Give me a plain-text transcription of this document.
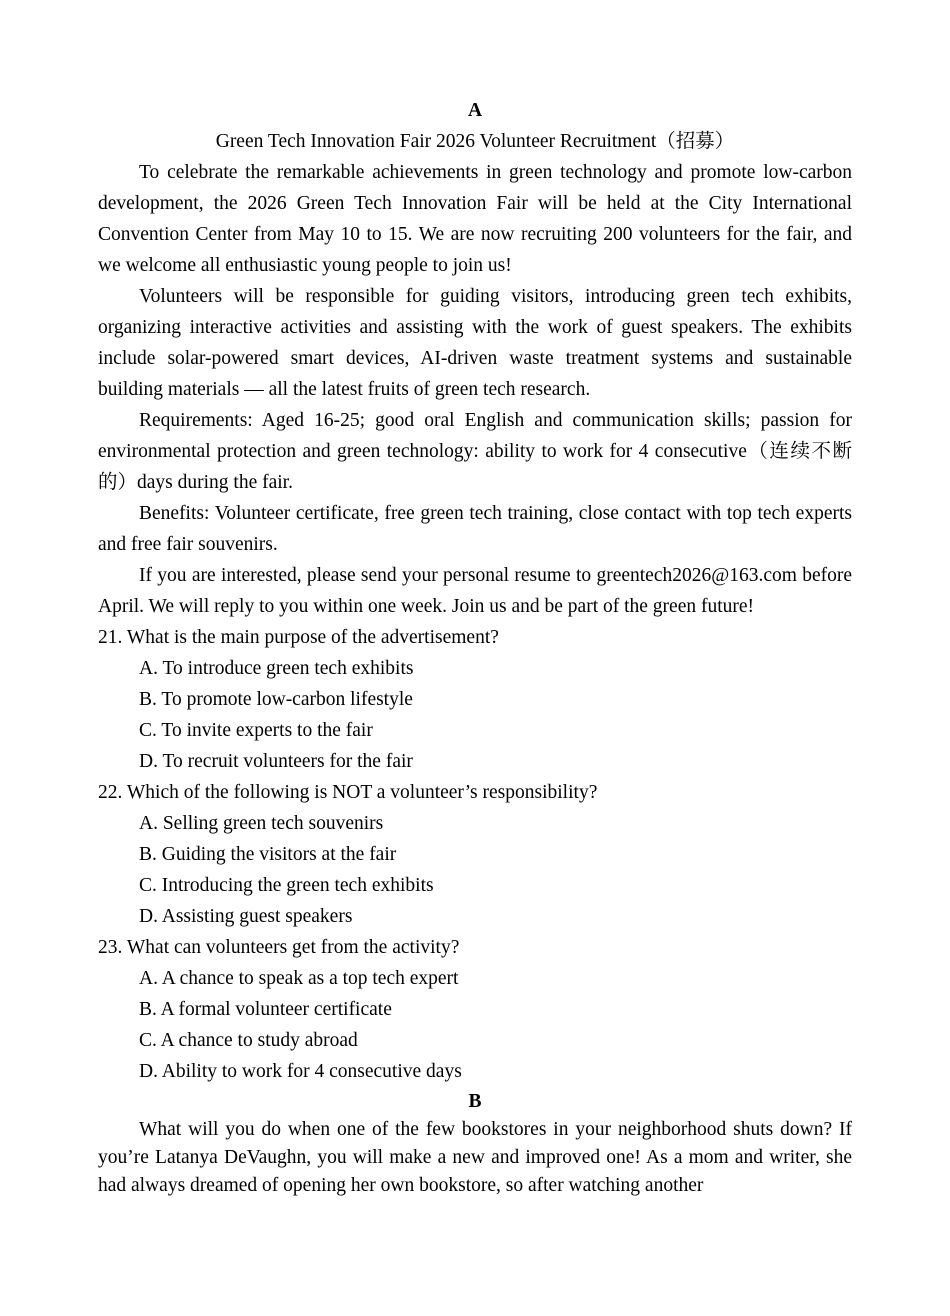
A
Green Tech Innovation Fair 2026 Volunteer Recruitment（招募）

To celebrate the remarkable achievements in green technology and promote low-carbon development, the 2026 Green Tech Innovation Fair will be held at the City International Convention Center from May 10 to 15. We are now recruiting 200 volunteers for the fair, and we welcome all enthusiastic young people to join us!

Volunteers will be responsible for guiding visitors, introducing green tech exhibits, organizing interactive activities and assisting with the work of guest speakers. The exhibits include solar-powered smart devices, AI-driven waste treatment systems and sustainable building materials — all the latest fruits of green tech research.

Requirements: Aged 16-25; good oral English and communication skills; passion for environmental protection and green technology: ability to work for 4 consecutive（连续不断的）days during the fair.

Benefits: Volunteer certificate, free green tech training, close contact with top tech experts and free fair souvenirs.

If you are interested, please send your personal resume to greentech2026@163.com before April. We will reply to you within one week. Join us and be part of the green future!

21. What is the main purpose of the advertisement?

A. To introduce green tech exhibits

B. To promote low-carbon lifestyle

C. To invite experts to the fair

D. To recruit volunteers for the fair

22. Which of the following is NOT a volunteer’s responsibility?

A. Selling green tech souvenirs

B. Guiding the visitors at the fair

C. Introducing the green tech exhibits

D. Assisting guest speakers

23. What can volunteers get from the activity?

A. A chance to speak as a top tech expert

B. A formal volunteer certificate

C. A chance to study abroad

D. Ability to work for 4 consecutive days

B

What will you do when one of the few bookstores in your neighborhood shuts down? If you’re Latanya DeVaughn, you will make a new and improved one! As a mom and writer, she had always dreamed of opening her own bookstore, so after watching another
